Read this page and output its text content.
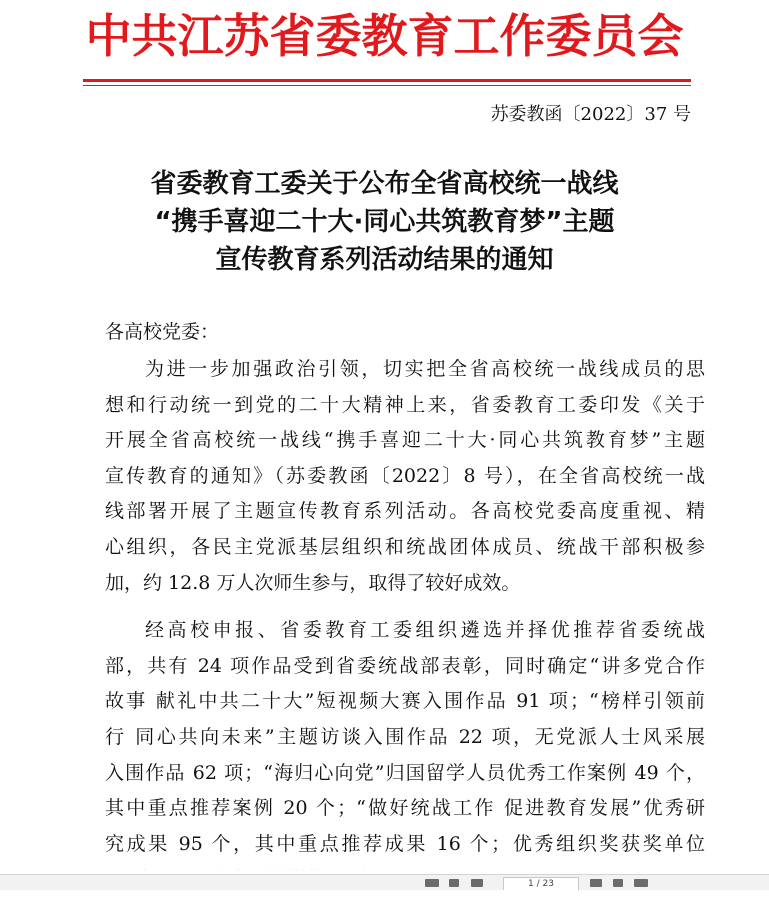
中共江苏省委教育工作委员会
苏委教函〔2022〕37 号
省委教育工委关于公布全省高校统一战线
“携手喜迎二十大·同心共筑教育梦”主题
宣传教育系列活动结果的通知
各高校党委：
为进一步加强政治引领，切实把全省高校统一战线成员的思
想和行动统一到党的二十大精神上来，省委教育工委印发《关于
开展全省高校统一战线“携手喜迎二十大·同心共筑教育梦”主题
宣传教育的通知》（苏委教函〔2022〕8 号），在全省高校统一战
线部署开展了主题宣传教育系列活动。各高校党委高度重视、精
心组织，各民主党派基层组织和统战团体成员、统战干部积极参
加，约 12.8 万人次师生参与，取得了较好成效。
经高校申报、省委教育工委组织遴选并择优推荐省委统战
部，共有 24 项作品受到省委统战部表彰，同时确定“讲多党合作
故事 献礼中共二十大”短视频大赛入围作品 91 项；“榜样引领前
行 同心共向未来”主题访谈入围作品 22 项，无党派人士风采展
入围作品 62 项；“海归心向党”归国留学人员优秀工作案例 49 个，
其中重点推荐案例 20 个；“做好统战工作 促进教育发展”优秀研
究成果 95 个，其中重点推荐成果 16 个；优秀组织奖获奖单位
1 / 23
